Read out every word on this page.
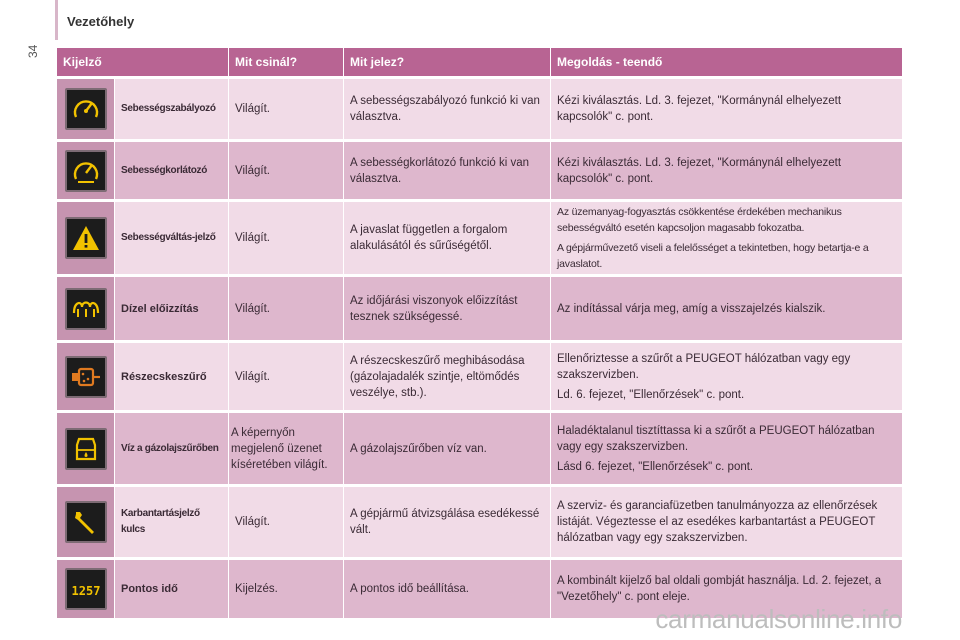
Vezetőhely
34
Kijelző		Mit csinál?	Mit jelez?	Megoldás - teendő

	Sebességszabályozó	Világít.	A sebességszabályozó funkció ki van választva.	Kézi kiválasztás. Ld. 3. fejezet, "Kormánynál elhelyezett kapcsolók" c. pont.

	Sebességkorlátozó	Világít.	A sebességkorlátozó funkció ki van választva.	Kézi kiválasztás. Ld. 3. fejezet, "Kormánynál elhelyezett kapcsolók" c. pont.

	Sebességváltás-jelző	Világít.	A javaslat független a forgalom alakulásától és sűrűségétől.	Az üzemanyag-fogyasztás csökkentése érdekében mechanikus sebességváltó esetén kapcsoljon magasabb fokozatba.

A gépjárművezető viseli a felelősséget a tekintetben, hogy betartja-e a javaslatot.

	Dízel előizzítás	Világít.	Az időjárási viszonyok előizzítást tesznek szükségessé.	Az indítással várja meg, amíg a visszajelzés kialszik.

	Részecskeszűrő	Világít.	A részecskeszűrő meghibásodása (gázolajadalék szintje, eltömődés veszélye, stb.).	Ellenőriztesse a szűrőt a PEUGEOT hálózatban vagy egy szakszervizben.

Ld. 6. fejezet, "Ellenőrzések" c. pont.

	Víz a gázolajszűrőben	A képernyőn megjelenő üzenet kíséretében világít.	A gázolajszűrőben víz van.	Haladéktalanul tisztíttassa ki a szűrőt a PEUGEOT hálózatban vagy egy szakszervizben.

Lásd 6. fejezet, "Ellenőrzések" c. pont.

	Karbantartásjelző kulcs	Világít.	A gépjármű átvizsgálása esedékessé vált.	A szerviz- és garanciafüzetben tanulmányozza az ellenőrzések listáját. Végeztesse el az esedékes karbantartást a PEUGEOT hálózatban vagy egy szakszervizben.

1257	Pontos idő	Kijelzés.	A pontos idő beállítása.	A kombinált kijelző bal oldali gombját használja. Ld. 2. fejezet, a "Vezetőhely" c. pont eleje.

carmanualsonline.info
